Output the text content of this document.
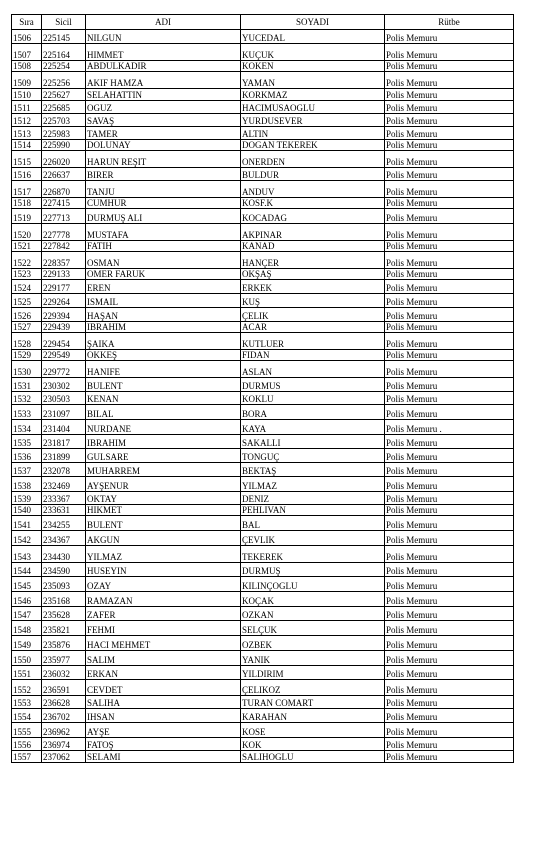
Sıra	Sicil	ADI	SOYADI	Rütbe
1506	225145	NILGUN	YUCEDAL	Polis Memuru
1507	225164	HIMMET	KUÇUK	Polis Memuru
1508	225254	ABDULKADIR	KOKEN	Polis Memuru
1509	225256	AKIF HAMZA	YAMAN	Polis Memuru
1510	225627	SELAHATTIN	KORKMAZ	Polis Memuru
1511	225685	OGUZ	HACIMUSAOGLU	Polis Memuru
1512	225703	SAVAŞ	YURDUSEVER	Polis Memuru
1513	225983	TAMER	ALTIN	Polis Memuru
1514	225990	DOLUNAY	DOGAN TEKEREK	Polis Memuru
1515	226020	HARUN REŞIT	ONERDEN	Polis Memuru
1516	226637	BIRER	BULDUR	Polis Memuru
1517	226870	TANJU	ANDUV	Polis Memuru
1518	227415	CUMHUR	KOSF.K	Polis Memuru
1519	227713	DURMUŞ ALI	KOCADAG	Polis Memuru
1520	227778	MUSTAFA	AKPINAR	Polis Memuru
1521	227842	FATIH	KANAD	Polis Memuru
1522	228357	OSMAN	HANÇER	Polis Memuru
1523	229133	OMER FARUK	OKŞAŞ	Polis Memuru
1524	229177	EREN	ERKEK	Polis Memuru
1525	229264	ISMAIL	KUŞ	Polis Memuru
1526	229394	HAŞAN	ÇELIK	Polis Memuru
1527	229439	IBRAHIM	ACAR	Polis Memuru
1528	229454	ŞAIKA	KUTLUER	Polis Memuru
1529	229549	OKKEŞ	FIDAN	Polis Memuru
1530	229772	HANIFE	ASLAN	Polis Memuru
1531	230302	BULENT	DURMUS	Polis Memuru
1532	230503	KENAN	KOKLU	Polis Memuru
1533	231097	BILAL	BORA	Polis Memuru
1534	231404	NURDANE	KAYA	Polis Memuru .
1535	231817	IBRAHIM	SAKALLI	Polis Memuru
1536	231899	GULSARE	TONGUÇ	Polis Memuru
1537	232078	MUHARREM	BEKTAŞ	Polis Memuru
1538	232469	AYŞENUR	YILMAZ	Polis Memuru
1539	233367	OKTAY	DENIZ	Polis Memuru
1540	233631	HIKMET	PEHLIVAN	Polis Memuru
1541	234255	BULENT	BAL	Polis Memuru
1542	234367	AKGUN	ÇEVLIK	Polis Memuru
1543	234430	YILMAZ	TEKEREK	Polis Memuru
1544	234590	HUSEYIN	DURMUŞ	Polis Memuru
1545	235093	OZAY	KILINÇOGLU	Polis Memuru
1546	235168	RAMAZAN	KOÇAK	Polis Memuru
1547	235628	ZAFER	OZKAN	Polis Memuru
1548	235821	FEHMI	SELÇUK	Polis Memuru
1549	235876	HACI MEHMET	OZBEK	Polis Memuru
1550	235977	SALIM	YANIK	Polis Memuru
1551	236032	ERKAN	YILDIRIM	Polis Memuru
1552	236591	CEVDET	ÇELIKOZ	Polis Memuru
1553	236628	SALIHA	TURAN COMART	Polis Memuru
1554	236702	IHSAN	KARAHAN	Polis Memuru
1555	236962	AYŞE	KOSE	Polis Memuru
1556	236974	FATOŞ	KOK	Polis Memuru
1557	237062	SELAMI	SALIHOGLU	Polis Memuru
